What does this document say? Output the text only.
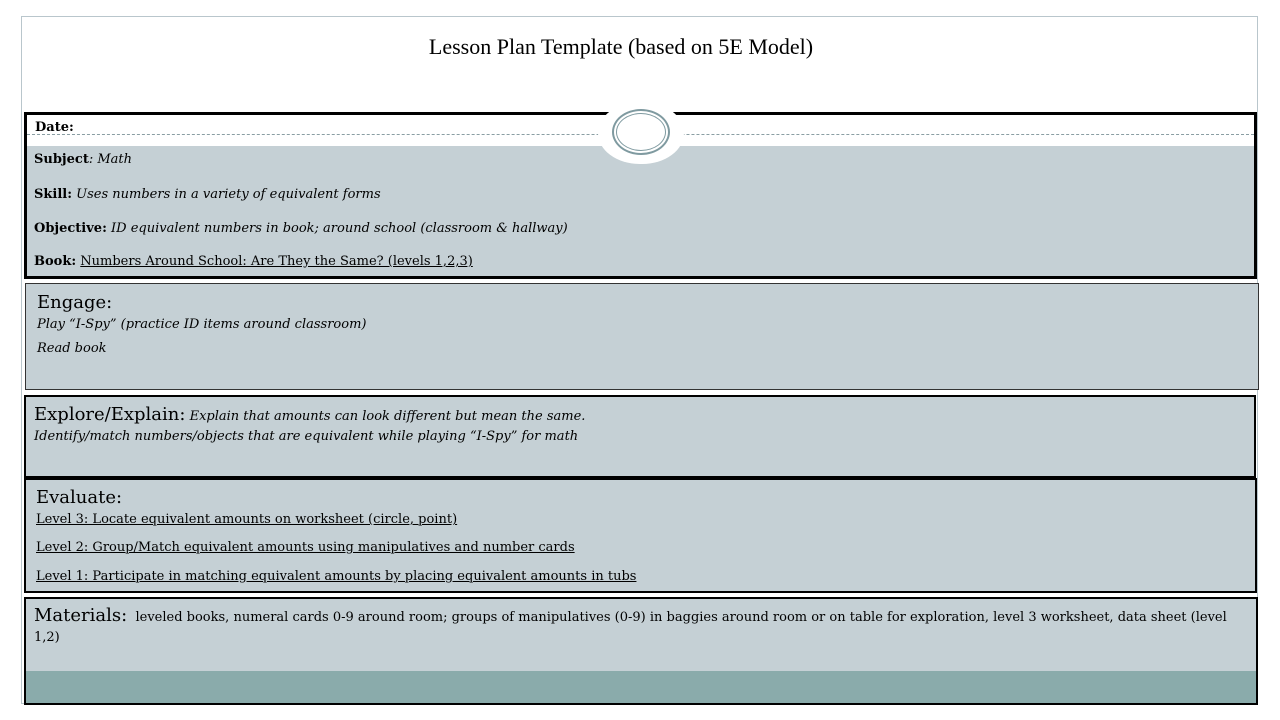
Lesson Plan Template (based on 5E Model)
Date:
Subject: Math
Skill: Uses numbers in a variety of equivalent forms
Objective: ID equivalent numbers in book; around school (classroom & hallway)
Book: Numbers Around School: Are They the Same? (levels 1,2,3)
Engage:
Play “I-Spy” (practice ID items around classroom)
Read book
Explore/Explain: Explain that amounts can look different but mean the same.
Identify/match numbers/objects that are equivalent while playing “I-Spy” for math
Evaluate:
Level 3: Locate equivalent amounts on worksheet (circle, point)
Level 2: Group/Match equivalent amounts using manipulatives and number cards
Level 1: Participate in matching equivalent amounts by placing equivalent amounts in tubs
Materials: leveled books, numeral cards 0-9 around room; groups of manipulatives (0-9) in baggies around room or on table for exploration, level 3 worksheet, data sheet (level 1,2)
